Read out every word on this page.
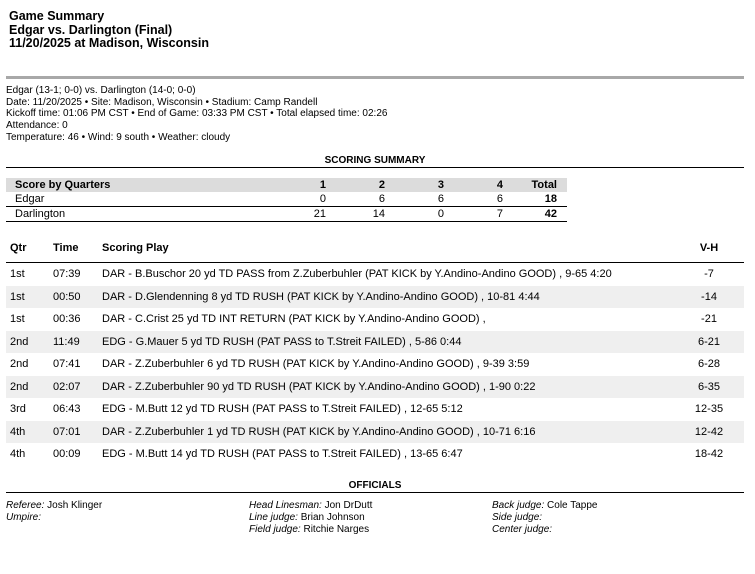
Game Summary
Edgar vs. Darlington (Final)
11/20/2025 at Madison, Wisconsin
Edgar (13-1; 0-0) vs. Darlington (14-0; 0-0)
Date: 11/20/2025 • Site: Madison, Wisconsin • Stadium: Camp Randell
Kickoff time: 01:06 PM CST • End of Game: 03:33 PM CST • Total elapsed time: 02:26
Attendance: 0
Temperature: 46 • Wind: 9 south • Weather: cloudy
SCORING SUMMARY
Score by Quarters	1	2	3	4	Total
Edgar	0	6	6	6	18
Darlington	21	14	0	7	42
Qtr	Time	Scoring Play	V-H
1st	07:39	DAR - B.Buschor 20 yd TD PASS from Z.Zuberbuhler (PAT KICK by Y.Andino-Andino GOOD) , 9-65 4:20	-7
1st	00:50	DAR - D.Glendenning 8 yd TD RUSH (PAT KICK by Y.Andino-Andino GOOD) , 10-81 4:44	-14
1st	00:36	DAR - C.Crist 25 yd TD INT RETURN (PAT KICK by Y.Andino-Andino GOOD) ,	-21
2nd	11:49	EDG - G.Mauer 5 yd TD RUSH (PAT PASS to T.Streit FAILED) , 5-86 0:44	6-21
2nd	07:41	DAR - Z.Zuberbuhler 6 yd TD RUSH (PAT KICK by Y.Andino-Andino GOOD) , 9-39 3:59	6-28
2nd	02:07	DAR - Z.Zuberbuhler 90 yd TD RUSH (PAT KICK by Y.Andino-Andino GOOD) , 1-90 0:22	6-35
3rd	06:43	EDG - M.Butt 12 yd TD RUSH (PAT PASS to T.Streit FAILED) , 12-65 5:12	12-35
4th	07:01	DAR - Z.Zuberbuhler 1 yd TD RUSH (PAT KICK by Y.Andino-Andino GOOD) , 10-71 6:16	12-42
4th	00:09	EDG - M.Butt 14 yd TD RUSH (PAT PASS to T.Streit FAILED) , 13-65 6:47	18-42
OFFICIALS
Referee: Josh Klinger
Umpire:
Head Linesman: Jon DrDutt
Line judge: Brian Johnson
Field judge: Ritchie Narges
Back judge: Cole Tappe
Side judge:
Center judge:
